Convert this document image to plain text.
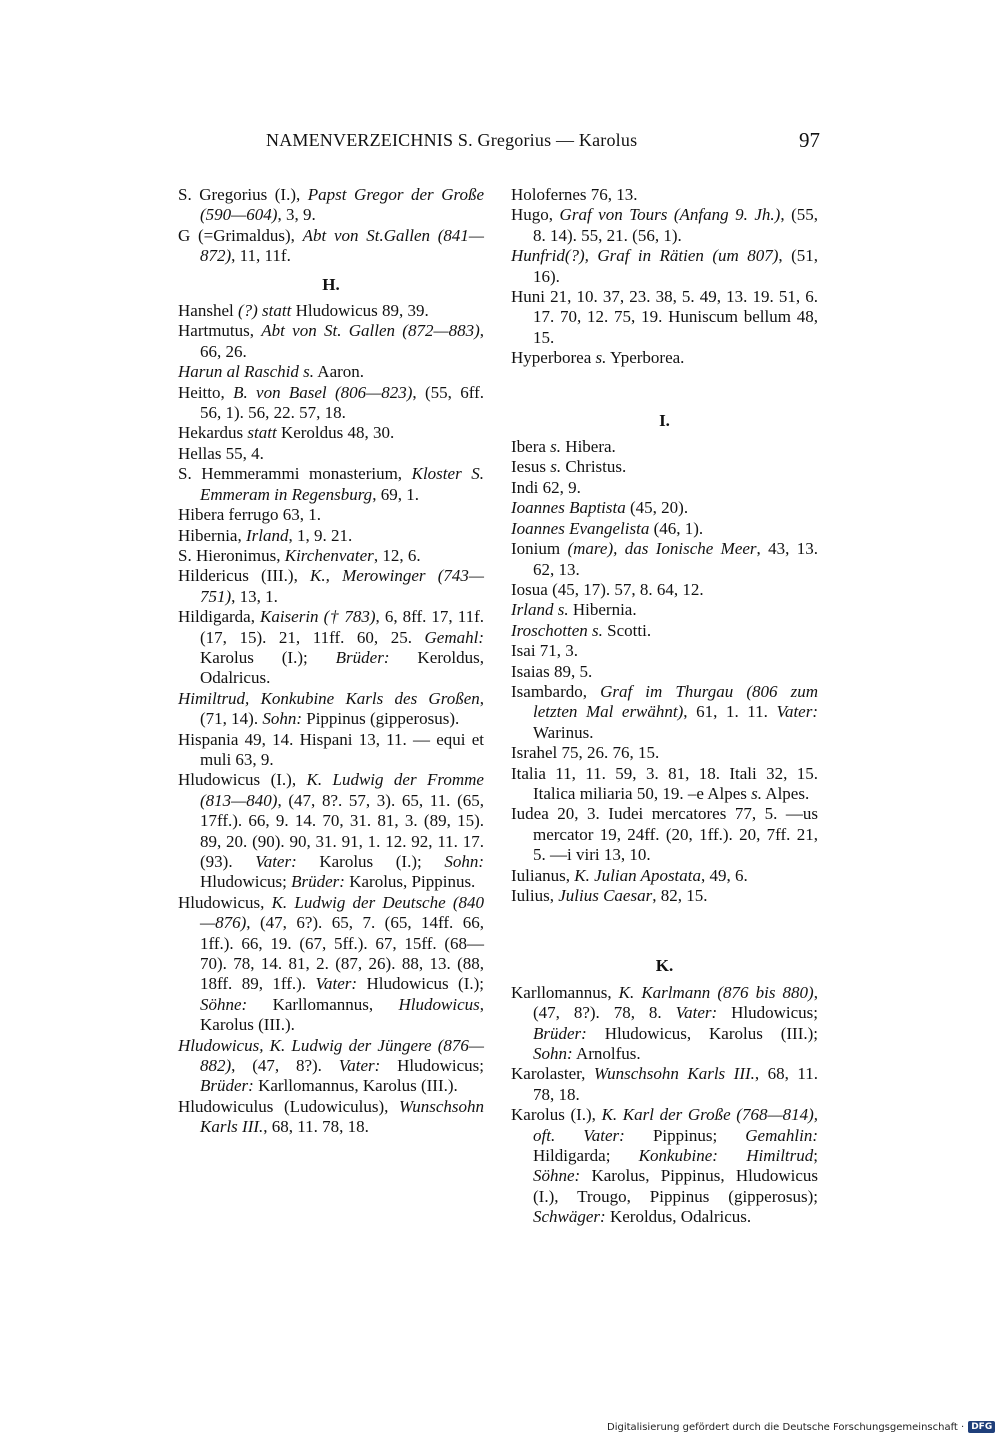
NAMENVERZEICHNIS S. Gregorius — Karolus	97

S. Gregorius (I.), Papst Gregor der Große (590—604), 3, 9.

G (=Grimaldus), Abt von St.Gallen (841—872), 11, 11f.

H.

Hanshel (?) statt Hludowicus 89, 39.

Hartmutus, Abt von St. Gallen (872—883), 66, 26.

Harun al Raschid s. Aaron.

Heitto, B. von Basel (806—823), (55, 6ff. 56, 1). 56, 22. 57, 18.

Hekardus statt Keroldus 48, 30.

Hellas 55, 4.

S. Hemmerammi monasterium, Kloster S. Emmeram in Regensburg, 69, 1.

Hibera ferrugo 63, 1.

Hibernia, Irland, 1, 9. 21.

S. Hieronimus, Kirchenvater, 12, 6.

Hildericus (III.), K., Merowinger (743—751), 13, 1.

Hildigarda, Kaiserin († 783), 6, 8ff. 17, 11f. (17, 15). 21, 11ff. 60, 25. Gemahl: Karolus (I.); Brüder: Keroldus, Odalricus.

Himiltrud, Konkubine Karls des Großen, (71, 14). Sohn: Pippinus (gipperosus).

Hispania 49, 14. Hispani 13, 11. — equi et muli 63, 9.

Hludowicus (I.), K. Ludwig der Fromme (813—840), (47, 8?. 57, 3). 65, 11. (65, 17ff.). 66, 9. 14. 70, 31. 81, 3. (89, 15). 89, 20. (90). 90, 31. 91, 1. 12. 92, 11. 17. (93). Vater: Karolus (I.); Sohn: Hludowicus; Brüder: Karolus, Pippinus.

Hludowicus, K. Ludwig der Deutsche (840—876), (47, 6?). 65, 7. (65, 14ff. 66, 1ff.). 66, 19. (67, 5ff.). 67, 15ff. (68—70). 78, 14. 81, 2. (87, 26). 88, 13. (88, 18ff. 89, 1ff.). Vater: Hludowicus (I.); Söhne: Karllomannus, Hludowicus, Karolus (III.).

Hludowicus, K. Ludwig der Jüngere (876—882), (47, 8?). Vater: Hludowicus; Brüder: Karllomannus, Karolus (III.).

Hludowiculus (Ludowiculus), Wunschsohn Karls III., 68, 11. 78, 18.

Holofernes 76, 13.

Hugo, Graf von Tours (Anfang 9. Jh.), (55, 8. 14). 55, 21. (56, 1).

Hunfrid(?), Graf in Rätien (um 807), (51, 16).

Huni 21, 10. 37, 23. 38, 5. 49, 13. 19. 51, 6. 17. 70, 12. 75, 19. Huniscum bellum 48, 15.

Hyperborea s. Yperborea.

I.

Ibera s. Hibera.

Iesus s. Christus.

Indi 62, 9.

Ioannes Baptista (45, 20).

Ioannes Evangelista (46, 1).

Ionium (mare), das Ionische Meer, 43, 13. 62, 13.

Iosua (45, 17). 57, 8. 64, 12.

Irland s. Hibernia.

Iroschotten s. Scotti.

Isai 71, 3.

Isaias 89, 5.

Isambardo, Graf im Thurgau (806 zum letzten Mal erwähnt), 61, 1. 11. Vater: Warinus.

Israhel 75, 26. 76, 15.

Italia 11, 11. 59, 3. 81, 18. Itali 32, 15. Italica miliaria 50, 19. –e Alpes s. Alpes.

Iudea 20, 3. Iudei mercatores 77, 5. —us mercator 19, 24ff. (20, 1ff.). 20, 7ff. 21, 5. —i viri 13, 10.

Iulianus, K. Julian Apostata, 49, 6.

Iulius, Julius Caesar, 82, 15.

K.

Karllomannus, K. Karlmann (876 bis 880), (47, 8?). 78, 8. Vater: Hludowicus; Brüder: Hludowicus, Karolus (III.); Sohn: Arnolfus.

Karolaster, Wunschsohn Karls III., 68, 11. 78, 18.

Karolus (I.), K. Karl der Große (768—814), oft. Vater: Pippinus; Gemahlin: Hildigarda; Konkubine: Himiltrud; Söhne: Karolus, Pippinus, Hludowicus (I.), Trougo, Pippinus (gipperosus); Schwäger: Keroldus, Odalricus.

Digitalisierung gefördert durch die Deutsche Forschungsgemeinschaft · DFG
